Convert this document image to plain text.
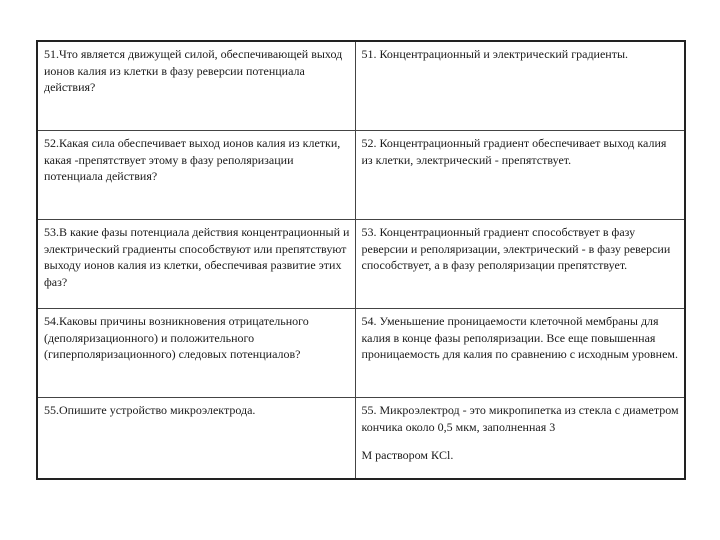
51.Что является движущей силой, обеспечивающей выход ионов калия из клетки в фазу реверсии потенциала действия?	51. Концентрационный и электрический градиенты.
52.Какая сила обеспечивает выход ионов калия из клетки, какая -препятствует этому в фазу реполяризации потенциала действия?	52. Концентрационный градиент обеспечивает выход калия из клетки, электрический - препятствует.
53.В какие фазы потенциала действия концентрационный и электрический градиенты способствуют или препятствуют выходу ионов калия из клетки, обеспечивая развитие этих фаз?	53. Концентрационный градиент способствует в фазу реверсии и реполяризации, электрический - в фазу реверсии способствует, а в фазу реполяризации препятствует.
54.Каковы причины возникновения отрицательного (деполяризационного) и положительного (гиперполяризационного) следовых потенциалов?	54. Уменьшение проницаемости клеточной мембраны для калия в конце фазы реполяризации. Все еще повышенная проницаемость для калия по сравнению с исходным уровнем.
55.Опишите устройство микроэлектрода.	55. Микроэлектрод - это микропипетка из стекла с диаметром кончика около 0,5 мкм, заполненная 3
М раствором КCl.
